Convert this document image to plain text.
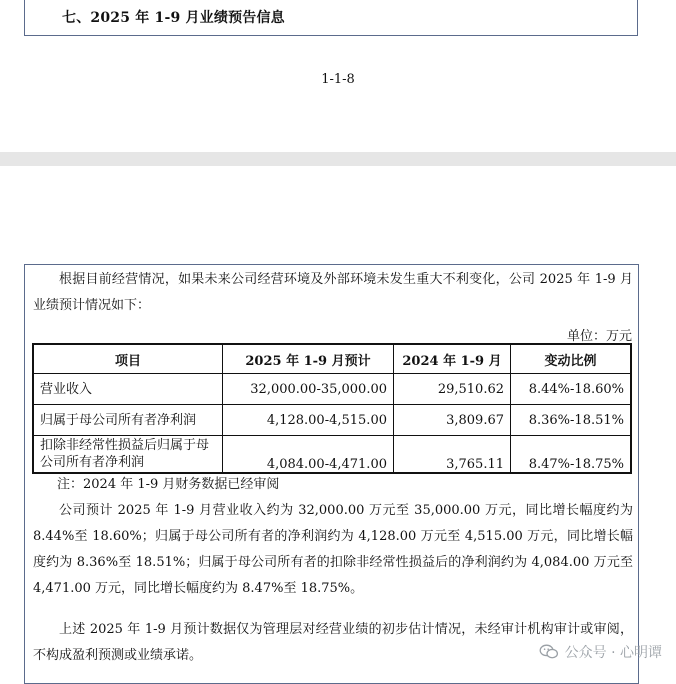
七、2025 年 1-9 月业绩预告信息
1-1-8
根据目前经营情况，如果未来公司经营环境及外部环境未发生重大不利变化，公司 2025 年 1-9 月业绩预计情况如下：
单位：万元
项目	2025 年 1-9 月预计	2024 年 1-9 月	变动比例
营业收入	32,000.00-35,000.00	29,510.62	8.44%-18.60%
归属于母公司所有者净利润	4,128.00-4,515.00	3,809.67	8.36%-18.51%
扣除非经常性损益后归属于母公司所有者净利润	4,084.00-4,471.00	3,765.11	8.47%-18.75%
注：2024 年 1-9 月财务数据已经审阅
公司预计 2025 年 1-9 月营业收入约为 32,000.00 万元至 35,000.00 万元，同比增长幅度约为 8.44%至 18.60%；归属于母公司所有者的净利润约为 4,128.00 万元至 4,515.00 万元，同比增长幅度约为 8.36%至 18.51%；归属于母公司所有者的扣除非经常性损益后的净利润约为 4,084.00 万元至 4,471.00 万元，同比增长幅度约为 8.47%至 18.75%。
上述 2025 年 1-9 月预计数据仅为管理层对经营业绩的初步估计情况，未经审计机构审计或审阅，不构成盈利预测或业绩承诺。	公众号 · 心明谭
